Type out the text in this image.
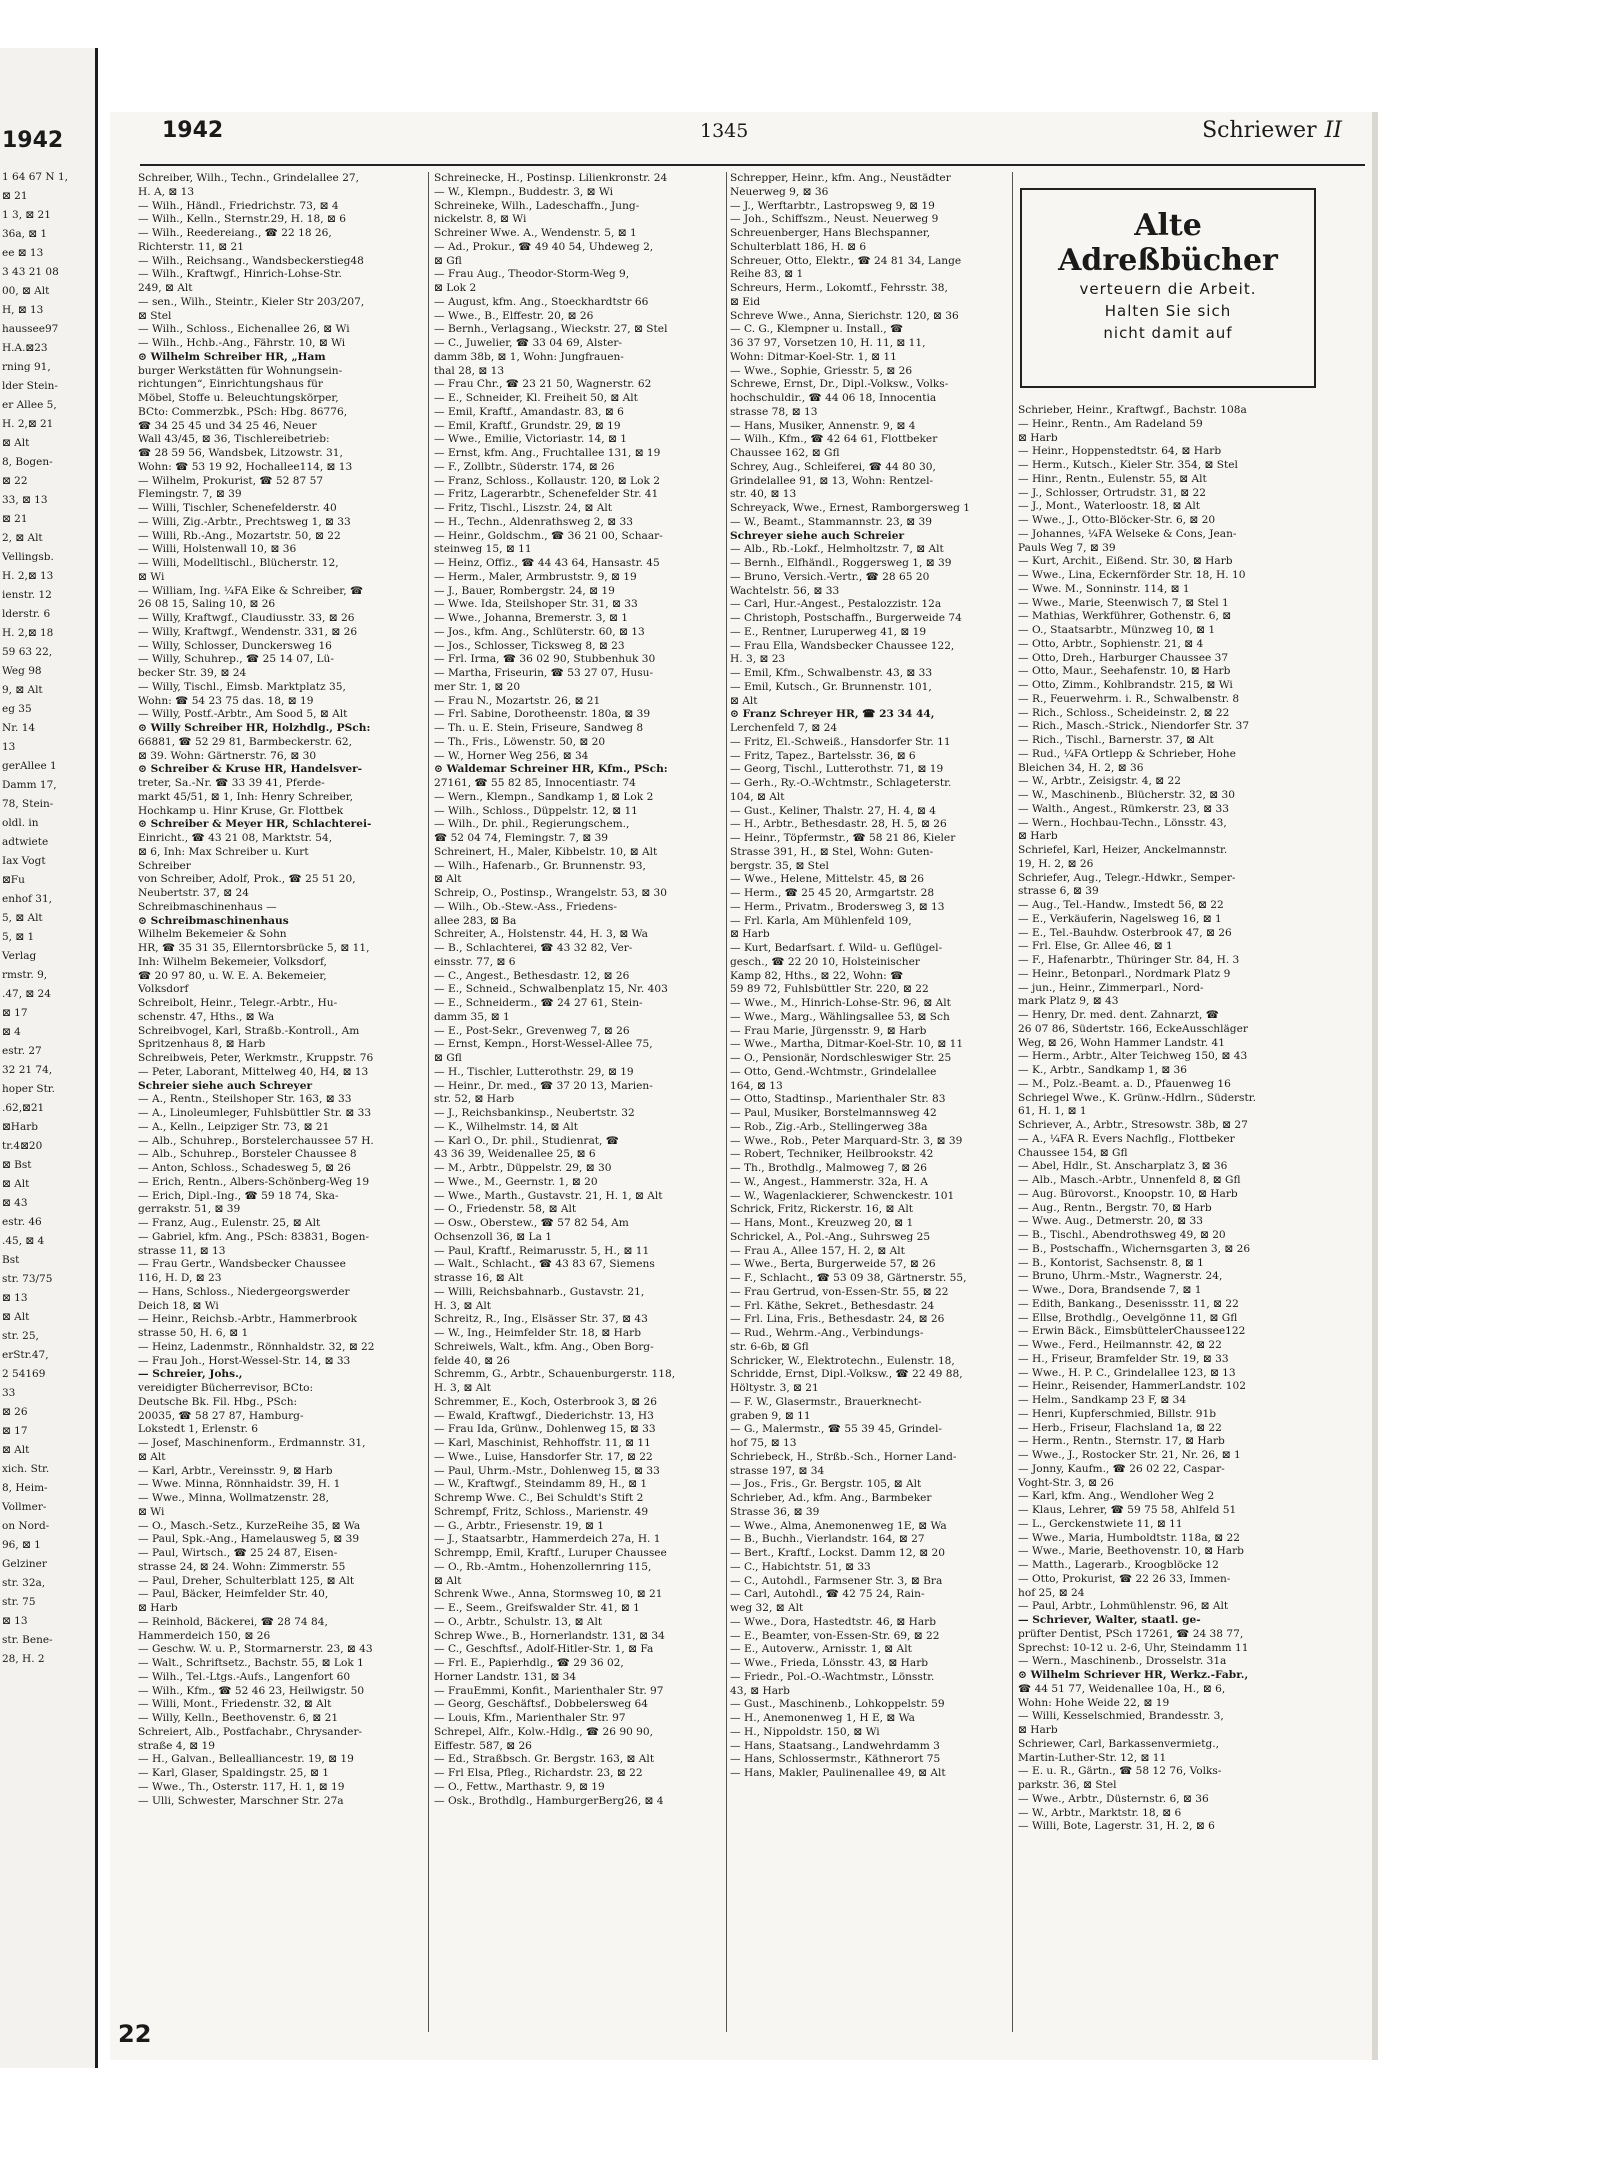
1942
1 64 67 N 1,
⊠ 21
1 3, ⊠ 21
36a, ⊠ 1
ee ⊠ 13
3 43 21 08
00, ⊠ Alt
H, ⊠ 13
haussee97
H.A.⊠23
rning 91,
lder Stein-
er Allee 5,
H. 2,⊠ 21
⊠ Alt
8, Bogen-
⊠ 22
33, ⊠ 13
⊠ 21
2, ⊠ Alt
Vellingsb.
H. 2,⊠ 13
ienstr. 12
lderstr. 6
H. 2,⊠ 18
59 63 22,
Weg 98
9, ⊠ Alt
eg 35
Nr. 14
13
gerAllee 1
Damm 17,
78, Stein-
oldl. in
adtwiete
Iax Vogt
⊠Fu
enhof 31,
5, ⊠ Alt
5, ⊠ 1
Verlag
rmstr. 9,
.47, ⊠ 24
⊠ 17
⊠ 4
estr. 27
32 21 74,
hoper Str.
.62,⊠21
⊠Harb
tr.4⊠20
⊠ Bst
⊠ Alt
⊠ 43
estr. 46
.45, ⊠ 4
Bst
str. 73/75
⊠ 13
⊠ Alt
str. 25,
erStr.47,
2 54169
33
⊠ 26
⊠ 17
⊠ Alt
xich. Str.
8, Heim-
Vollmer-
on Nord-
96, ⊠ 1
Gelziner
str. 32a,
str. 75
⊠ 13
str. Bene-
28, H. 2
1942	1345	Schriewer II
Schreiber, Wilh., Techn., Grindelallee 27,
H. A, ⊠ 13
— Wilh., Händl., Friedrichstr. 73, ⊠ 4
— Wilh., Kelln., Sternstr.29, H. 18, ⊠ 6
— Wilh., Reedereiang., ☎ 22 18 26,
Richterstr. 11, ⊠ 21
— Wilh., Reichsang., Wandsbeckerstieg48
— Wilh., Kraftwgf., Hinrich-Lohse-Str.
249, ⊠ Alt
— sen., Wilh., Steintr., Kieler Str 203/207,
⊠ Stel
— Wilh., Schloss., Eichenallee 26, ⊠ Wi
— Wilh., Hchb.-Ang., Fährstr. 10, ⊠ Wi
⊙ Wilhelm Schreiber HR, „Ham
burger Werkstätten für Wohnungsein-
richtungen“, Einrichtungshaus für
Möbel, Stoffe u. Beleuchtungskörper,
BCto: Commerzbk., PSch: Hbg. 86776,
☎ 34 25 45 und 34 25 46, Neuer
Wall 43/45, ⊠ 36, Tischlereibetrieb:
☎ 28 59 56, Wandsbek, Litzowstr. 31,
Wohn: ☎ 53 19 92, Hochallee114, ⊠ 13
— Wilhelm, Prokurist, ☎ 52 87 57
Flemingstr. 7, ⊠ 39
— Willi, Tischler, Schenefelderstr. 40
— Willi, Zig.-Arbtr., Prechtsweg 1, ⊠ 33
— Willi, Rb.-Ang., Mozartstr. 50, ⊠ 22
— Willi, Holstenwall 10, ⊠ 36
— Willi, Modelltischl., Blücherstr. 12,
⊠ Wi
— William, Ing. ¼FA Eike & Schreiber, ☎
26 08 15, Saling 10, ⊠ 26
— Willy, Kraftwgf., Claudiusstr. 33, ⊠ 26
— Willy, Kraftwgf., Wendenstr. 331, ⊠ 26
— Willy, Schlosser, Dunckersweg 16
— Willy, Schuhrep., ☎ 25 14 07, Lü-
becker Str. 39, ⊠ 24
— Willy, Tischl., Eimsb. Marktplatz 35,
Wohn: ☎ 54 23 75 das. 18, ⊠ 19
— Willy, Postf.-Arbtr., Am Sood 5, ⊠ Alt
⊙ Willy Schreiber HR, Holzhdlg., PSch:
66881, ☎ 52 29 81, Barmbeckerstr. 62,
⊠ 39. Wohn: Gärtnerstr. 76, ⊠ 30
⊙ Schreiber & Kruse HR, Handelsver-
treter, Sa.-Nr. ☎ 33 39 41, Pferde-
markt 45/51, ⊠ 1, Inh: Henry Schreiber,
Hochkamp u. Hinr Kruse, Gr. Flottbek
⊙ Schreiber & Meyer HR, Schlachterei-
Einricht., ☎ 43 21 08, Marktstr. 54,
⊠ 6, Inh: Max Schreiber u. Kurt
Schreiber
von Schreiber, Adolf, Prok., ☎ 25 51 20,
Neubertstr. 37, ⊠ 24
Schreibmaschinenhaus —
⊙ Schreibmaschinenhaus
Wilhelm Bekemeier & Sohn
HR, ☎ 35 31 35, Ellerntorsbrücke 5, ⊠ 11,
Inh: Wilhelm Bekemeier, Volksdorf,
☎ 20 97 80, u. W. E. A. Bekemeier,
Volksdorf
Schreibolt, Heinr., Telegr.-Arbtr., Hu-
schenstr. 47, Hths., ⊠ Wa
Schreibvogel, Karl, Straßb.-Kontroll., Am
Spritzenhaus 8, ⊠ Harb
Schreibweis, Peter, Werkmstr., Kruppstr. 76
— Peter, Laborant, Mittelweg 40, H4, ⊠ 13
Schreier siehe auch Schreyer
— A., Rentn., Steilshoper Str. 163, ⊠ 33
— A., Linoleumleger, Fuhlsbüttler Str. ⊠ 33
— A., Kelln., Leipziger Str. 73, ⊠ 21
— Alb., Schuhrep., Borstelerchaussee 57 H.
— Alb., Schuhrep., Borsteler Chaussee 8
— Anton, Schloss., Schadesweg 5, ⊠ 26
— Erich, Rentn., Albers-Schönberg-Weg 19
— Erich, Dipl.-Ing., ☎ 59 18 74, Ska-
gerrakstr. 51, ⊠ 39
— Franz, Aug., Eulenstr. 25, ⊠ Alt
— Gabriel, kfm. Ang., PSch: 83831, Bogen-
strasse 11, ⊠ 13
— Frau Gertr., Wandsbecker Chaussee
116, H. D, ⊠ 23
— Hans, Schloss., Niedergeorgswerder
Deich 18, ⊠ Wi
— Heinr., Reichsb.-Arbtr., Hammerbrook
strasse 50, H. 6, ⊠ 1
— Heinz, Ladenmstr., Rönnhaldstr. 32, ⊠ 22
— Frau Joh., Horst-Wessel-Str. 14, ⊠ 33
— Schreier, Johs.,
vereidigter Bücherrevisor, BCto:
Deutsche Bk. Fil. Hbg., PSch:
20035, ☎ 58 27 87, Hamburg-
Lokstedt 1, Erlenstr. 6
— Josef, Maschinenform., Erdmannstr. 31,
⊠ Alt
— Karl, Arbtr., Vereinsstr. 9, ⊠ Harb
— Wwe. Minna, Rönnhaidstr. 39, H. 1
— Wwe., Minna, Wollmatzenstr. 28,
⊠ Wi
— O., Masch.-Setz., KurzeReihe 35, ⊠ Wa
— Paul, Spk.-Ang., Hamelausweg 5, ⊠ 39
— Paul, Wirtsch., ☎ 25 24 87, Eisen-
strasse 24, ⊠ 24. Wohn: Zimmerstr. 55
— Paul, Dreher, Schulterblatt 125, ⊠ Alt
— Paul, Bäcker, Heimfelder Str. 40,
⊠ Harb
— Reinhold, Bäckerei, ☎ 28 74 84,
Hammerdeich 150, ⊠ 26
— Geschw. W. u. P., Stormarnerstr. 23, ⊠ 43
— Walt., Schriftsetz., Bachstr. 55, ⊠ Lok 1
— Wilh., Tel.-Ltgs.-Aufs., Langenfort 60
— Wilh., Kfm., ☎ 52 46 23, Heilwigstr. 50
— Willi, Mont., Friedenstr. 32, ⊠ Alt
— Willy, Kelln., Beethovenstr. 6, ⊠ 21
Schreiert, Alb., Postfachabr., Chrysander-
straße 4, ⊠ 19
— H., Galvan., Bellealliancestr. 19, ⊠ 19
— Karl, Glaser, Spaldingstr. 25, ⊠ 1
— Wwe., Th., Osterstr. 117, H. 1, ⊠ 19
— Ulli, Schwester, Marschner Str. 27a
Schreinecke, H., Postinsp. Lilienkronstr. 24
— W., Klempn., Buddestr. 3, ⊠ Wi
Schreineke, Wilh., Ladeschaffn., Jung-
nickelstr. 8, ⊠ Wi
Schreiner Wwe. A., Wendenstr. 5, ⊠ 1
— Ad., Prokur., ☎ 49 40 54, Uhdeweg 2,
⊠ Gfl
— Frau Aug., Theodor-Storm-Weg 9,
⊠ Lok 2
— August, kfm. Ang., Stoeckhardtstr 66
— Wwe., B., Elffestr. 20, ⊠ 26
— Bernh., Verlagsang., Wieckstr. 27, ⊠ Stel
— C., Juwelier, ☎ 33 04 69, Alster-
damm 38b, ⊠ 1, Wohn: Jungfrauen-
thal 28, ⊠ 13
— Frau Chr., ☎ 23 21 50, Wagnerstr. 62
— E., Schneider, Kl. Freiheit 50, ⊠ Alt
— Emil, Kraftf., Amandastr. 83, ⊠ 6
— Emil, Kraftf., Grundstr. 29, ⊠ 19
— Wwe., Emilie, Victoriastr. 14, ⊠ 1
— Ernst, kfm. Ang., Fruchtallee 131, ⊠ 19
— F., Zollbtr., Süderstr. 174, ⊠ 26
— Franz, Schloss., Kollaustr. 120, ⊠ Lok 2
— Fritz, Lagerarbtr., Schenefelder Str. 41
— Fritz, Tischl., Liszstr. 24, ⊠ Alt
— H., Techn., Aldenrathsweg 2, ⊠ 33
— Heinr., Goldschm., ☎ 36 21 00, Schaar-
steinweg 15, ⊠ 11
— Heinz, Offiz., ☎ 44 43 64, Hansastr. 45
— Herm., Maler, Armbruststr. 9, ⊠ 19
— J., Bauer, Rombergstr. 24, ⊠ 19
— Wwe. Ida, Steilshoper Str. 31, ⊠ 33
— Wwe., Johanna, Bremerstr. 3, ⊠ 1
— Jos., kfm. Ang., Schlüterstr. 60, ⊠ 13
— Jos., Schlosser, Ticksweg 8, ⊠ 23
— Frl. Irma, ☎ 36 02 90, Stubbenhuk 30
— Martha, Friseurin, ☎ 53 27 07, Husu-
mer Str. 1, ⊠ 20
— Frau N., Mozartstr. 26, ⊠ 21
— Frl. Sabine, Dorotheenstr. 180a, ⊠ 39
— Th. u. E. Stein, Friseure, Sandweg 8
— Th., Fris., Löwenstr. 50, ⊠ 20
— W., Horner Weg 256, ⊠ 34
⊙ Waldemar Schreiner HR, Kfm., PSch:
27161, ☎ 55 82 85, Innocentiastr. 74
— Wern., Klempn., Sandkamp 1, ⊠ Lok 2
— Wilh., Schloss., Düppelstr. 12, ⊠ 11
— Wilh., Dr. phil., Regierungschem.,
☎ 52 04 74, Flemingstr. 7, ⊠ 39
Schreinert, H., Maler, Kibbelstr. 10, ⊠ Alt
— Wilh., Hafenarb., Gr. Brunnenstr. 93,
⊠ Alt
Schreip, O., Postinsp., Wrangelstr. 53, ⊠ 30
— Wilh., Ob.-Stew.-Ass., Friedens-
allee 283, ⊠ Ba
Schreiter, A., Holstenstr. 44, H. 3, ⊠ Wa
— B., Schlachterei, ☎ 43 32 82, Ver-
einsstr. 77, ⊠ 6
— C., Angest., Bethesdastr. 12, ⊠ 26
— E., Schneid., Schwalbenplatz 15, Nr. 403
— E., Schneiderm., ☎ 24 27 61, Stein-
damm 35, ⊠ 1
— E., Post-Sekr., Grevenweg 7, ⊠ 26
— Ernst, Kempn., Horst-Wessel-Allee 75,
⊠ Gfl
— H., Tischler, Lutterothstr. 29, ⊠ 19
— Heinr., Dr. med., ☎ 37 20 13, Marien-
str. 52, ⊠ Harb
— J., Reichsbankinsp., Neubertstr. 32
— K., Wilhelmstr. 14, ⊠ Alt
— Karl O., Dr. phil., Studienrat, ☎
43 36 39, Weidenallee 25, ⊠ 6
— M., Arbtr., Düppelstr. 29, ⊠ 30
— Wwe., M., Geernstr. 1, ⊠ 20
— Wwe., Marth., Gustavstr. 21, H. 1, ⊠ Alt
— O., Friedenstr. 58, ⊠ Alt
— Osw., Oberstew., ☎ 57 82 54, Am
Ochsenzoll 36, ⊠ La 1
— Paul, Kraftf., Reimarusstr. 5, H., ⊠ 11
— Walt., Schlacht., ☎ 43 83 67, Siemens
strasse 16, ⊠ Alt
— Willi, Reichsbahnarb., Gustavstr. 21,
H. 3, ⊠ Alt
Schreitz, R., Ing., Elsässer Str. 37, ⊠ 43
— W., Ing., Heimfelder Str. 18, ⊠ Harb
Schreiwels, Walt., kfm. Ang., Oben Borg-
felde 40, ⊠ 26
Schremm, G., Arbtr., Schauenburgerstr. 118,
H. 3, ⊠ Alt
Schremmer, E., Koch, Osterbrook 3, ⊠ 26
— Ewald, Kraftwgf., Diederichstr. 13, H3
— Frau Ida, Grünw., Dohlenweg 15, ⊠ 33
— Karl, Maschinist, Rehhoffstr. 11, ⊠ 11
— Wwe., Luise, Hansdorfer Str. 17, ⊠ 22
— Paul, Uhrm.-Mstr., Dohlenweg 15, ⊠ 33
— W., Kraftwgf., Steindamm 89, H., ⊠ 1
Schremp Wwe. C., Bei Schuldt's Stift 2
Schrempf, Fritz, Schloss., Marienstr. 49
— G., Arbtr., Friesenstr. 19, ⊠ 1
— J., Staatsarbtr., Hammerdeich 27a, H. 1
Schrempp, Emil, Kraftf., Luruper Chaussee
— O., Rb.-Amtm., Hohenzollernring 115,
⊠ Alt
Schrenk Wwe., Anna, Stormsweg 10, ⊠ 21
— E., Seem., Greifswalder Str. 41, ⊠ 1
— O., Arbtr., Schulstr. 13, ⊠ Alt
Schrep Wwe., B., Hornerlandstr. 131, ⊠ 34
— C., Geschftsf., Adolf-Hitler-Str. 1, ⊠ Fa
— Frl. E., Papierhdlg., ☎ 29 36 02,
Horner Landstr. 131, ⊠ 34
— FrauEmmi, Konfit., Marienthaler Str. 97
— Georg, Geschäftsf., Dobbelersweg 64
— Louis, Kfm., Marienthaler Str. 97
Schrepel, Alfr., Kolw.-Hdlg., ☎ 26 90 90,
Eiffestr. 587, ⊠ 26
— Ed., Straßbsch. Gr. Bergstr. 163, ⊠ Alt
— Frl Elsa, Pfleg., Richardstr. 23, ⊠ 22
— O., Fettw., Marthastr. 9, ⊠ 19
— Osk., Brothdlg., HamburgerBerg26, ⊠ 4
Schrepper, Heinr., kfm. Ang., Neustädter
Neuerweg 9, ⊠ 36
— J., Werftarbtr., Lastropsweg 9, ⊠ 19
— Joh., Schiffszm., Neust. Neuerweg 9
Schreuenberger, Hans Blechspanner,
Schulterblatt 186, H. ⊠ 6
Schreuer, Otto, Elektr., ☎ 24 81 34, Lange
Reihe 83, ⊠ 1
Schreurs, Herm., Lokomtf., Fehrsstr. 38,
⊠ Eid
Schreve Wwe., Anna, Sierichstr. 120, ⊠ 36
— C. G., Klempner u. Install., ☎
36 37 97, Vorsetzen 10, H. 11, ⊠ 11,
Wohn: Ditmar-Koel-Str. 1, ⊠ 11
— Wwe., Sophie, Griesstr. 5, ⊠ 26
Schrewe, Ernst, Dr., Dipl.-Volksw., Volks-
hochschuldir., ☎ 44 06 18, Innocentia
strasse 78, ⊠ 13
— Hans, Musiker, Annenstr. 9, ⊠ 4
— Wilh., Kfm., ☎ 42 64 61, Flottbeker
Chaussee 162, ⊠ Gfl
Schrey, Aug., Schleiferei, ☎ 44 80 30,
Grindelallee 91, ⊠ 13, Wohn: Rentzel-
str. 40, ⊠ 13
Schreyack, Wwe., Ernest, Ramborgersweg 1
— W., Beamt., Stammannstr. 23, ⊠ 39
Schreyer siehe auch Schreier
— Alb., Rb.-Lokf., Helmholtzstr. 7, ⊠ Alt
— Bernh., Elfhändl., Roggersweg 1, ⊠ 39
— Bruno, Versich.-Vertr., ☎ 28 65 20
Wachtelstr. 56, ⊠ 33
— Carl, Hur.-Angest., Pestalozzistr. 12a
— Christoph, Postschaffn., Burgerweide 74
— E., Rentner, Luruperweg 41, ⊠ 19
— Frau Ella, Wandsbecker Chaussee 122,
H. 3, ⊠ 23
— Emil, Kfm., Schwalbenstr. 43, ⊠ 33
— Emil, Kutsch., Gr. Brunnenstr. 101,
⊠ Alt
⊙ Franz Schreyer HR, ☎ 23 34 44,
Lerchenfeld 7, ⊠ 24
— Fritz, El.-Schweiß., Hansdorfer Str. 11
— Fritz, Tapez., Bartelsstr. 36, ⊠ 6
— Georg, Tischl., Lutterothstr. 71, ⊠ 19
— Gerh., Ry.-O.-Wchtmstr., Schlageterstr.
104, ⊠ Alt
— Gust., Keliner, Thalstr. 27, H. 4, ⊠ 4
— H., Arbtr., Bethesdastr. 28, H. 5, ⊠ 26
— Heinr., Töpfermstr., ☎ 58 21 86, Kieler
Strasse 391, H., ⊠ Stel, Wohn: Guten-
bergstr. 35, ⊠ Stel
— Wwe., Helene, Mittelstr. 45, ⊠ 26
— Herm., ☎ 25 45 20, Armgartstr. 28
— Herm., Privatm., Brodersweg 3, ⊠ 13
— Frl. Karla, Am Mühlenfeld 109,
⊠ Harb
— Kurt, Bedarfsart. f. Wild- u. Geflügel-
gesch., ☎ 22 20 10, Holsteinischer
Kamp 82, Hths., ⊠ 22, Wohn: ☎
59 89 72, Fuhlsbüttler Str. 220, ⊠ 22
— Wwe., M., Hinrich-Lohse-Str. 96, ⊠ Alt
— Wwe., Marg., Wählingsallee 53, ⊠ Sch
— Frau Marie, Jürgensstr. 9, ⊠ Harb
— Wwe., Martha, Ditmar-Koel-Str. 10, ⊠ 11
— O., Pensionär, Nordschleswiger Str. 25
— Otto, Gend.-Wchtmstr., Grindelallee
164, ⊠ 13
— Otto, Stadtinsp., Marienthaler Str. 83
— Paul, Musiker, Borstelmannsweg 42
— Rob., Zig.-Arb., Stellingerweg 38a
— Wwe., Rob., Peter Marquard-Str. 3, ⊠ 39
— Robert, Techniker, Heilbrookstr. 42
— Th., Brothdlg., Malmoweg 7, ⊠ 26
— W., Angest., Hammerstr. 32a, H. A
— W., Wagenlackierer, Schwenckestr. 101
Schrick, Fritz, Rickerstr. 16, ⊠ Alt
— Hans, Mont., Kreuzweg 20, ⊠ 1
Schrickel, A., Pol.-Ang., Suhrsweg 25
— Frau A., Allee 157, H. 2, ⊠ Alt
— Wwe., Berta, Burgerweide 57, ⊠ 26
— F., Schlacht., ☎ 53 09 38, Gärtnerstr. 55,
— Frau Gertrud, von-Essen-Str. 55, ⊠ 22
— Frl. Käthe, Sekret., Bethesdastr. 24
— Frl. Lina, Fris., Bethesdastr. 24, ⊠ 26
— Rud., Wehrm.-Ang., Verbindungs-
str. 6-6b, ⊠ Gfl
Schricker, W., Elektrotechn., Eulenstr. 18,
Schridde, Ernst, Dipl.-Volksw., ☎ 22 49 88,
Höltystr. 3, ⊠ 21
— F. W., Glasermstr., Brauerknecht-
graben 9, ⊠ 11
— G., Malermstr., ☎ 55 39 45, Grindel-
hof 75, ⊠ 13
Schriebeck, H., Strßb.-Sch., Horner Land-
strasse 197, ⊠ 34
— Jos., Fris., Gr. Bergstr. 105, ⊠ Alt
Schrieber, Ad., kfm. Ang., Barmbeker
Strasse 36, ⊠ 39
— Wwe., Alma, Anemonenweg 1E, ⊠ Wa
— B., Buchh., Vierlandstr. 164, ⊠ 27
— Bert., Kraftf., Lockst. Damm 12, ⊠ 20
— C., Habichtstr. 51, ⊠ 33
— C., Autohdl., Farmsener Str. 3, ⊠ Bra
— Carl, Autohdl., ☎ 42 75 24, Rain-
weg 32, ⊠ Alt
— Wwe., Dora, Hastedtstr. 46, ⊠ Harb
— E., Beamter, von-Essen-Str. 69, ⊠ 22
— E., Autoverw., Arnisstr. 1, ⊠ Alt
— Wwe., Frieda, Lönsstr. 43, ⊠ Harb
— Friedr., Pol.-O.-Wachtmstr., Lönsstr.
43, ⊠ Harb
— Gust., Maschinenb., Lohkoppelstr. 59
— H., Anemonenweg 1, H E, ⊠ Wa
— H., Nippoldstr. 150, ⊠ Wi
— Hans, Staatsang., Landwehrdamm 3
— Hans, Schlossermstr., Käthnerort 75
— Hans, Makler, Paulinenallee 49, ⊠ Alt
Alte
Adreßbücher
verteuern die Arbeit.
Halten Sie sich
nicht damit auf
Schrieber, Heinr., Kraftwgf., Bachstr. 108a
— Heinr., Rentn., Am Radeland 59
⊠ Harb
— Heinr., Hoppenstedtstr. 64, ⊠ Harb
— Herm., Kutsch., Kieler Str. 354, ⊠ Stel
— Hinr., Rentn., Eulenstr. 55, ⊠ Alt
— J., Schlosser, Ortrudstr. 31, ⊠ 22
— J., Mont., Waterloostr. 18, ⊠ Alt
— Wwe., J., Otto-Blöcker-Str. 6, ⊠ 20
— Johannes, ¼FA Welseke & Cons, Jean-
Pauls Weg 7, ⊠ 39
— Kurt, Archit., Eißend. Str. 30, ⊠ Harb
— Wwe., Lina, Eckernförder Str. 18, H. 10
— Wwe. M., Sonninstr. 114, ⊠ 1
— Wwe., Marie, Steenwisch 7, ⊠ Stel 1
— Mathias, Werkführer, Gothenstr. 6, ⊠
— O., Staatsarbtr., Münzweg 10, ⊠ 1
— Otto, Arbtr., Sophienstr. 21, ⊠ 4
— Otto, Dreh., Harburger Chaussee 37
— Otto, Maur., Seehafenstr. 10, ⊠ Harb
— Otto, Zimm., Kohlbrandstr. 215, ⊠ Wi
— R., Feuerwehrm. i. R., Schwalbenstr. 8
— Rich., Schloss., Scheideinstr. 2, ⊠ 22
— Rich., Masch.-Strick., Niendorfer Str. 37
— Rich., Tischl., Barnerstr. 37, ⊠ Alt
— Rud., ¼FA Ortlepp & Schrieber, Hohe
Bleichen 34, H. 2, ⊠ 36
— W., Arbtr., Zeisigstr. 4, ⊠ 22
— W., Maschinenb., Blücherstr. 32, ⊠ 30
— Walth., Angest., Rümkerstr. 23, ⊠ 33
— Wern., Hochbau-Techn., Lönsstr. 43,
⊠ Harb
Schriefel, Karl, Heizer, Anckelmannstr.
19, H. 2, ⊠ 26
Schriefer, Aug., Telegr.-Hdwkr., Semper-
strasse 6, ⊠ 39
— Aug., Tel.-Handw., Imstedt 56, ⊠ 22
— E., Verkäuferin, Nagelsweg 16, ⊠ 1
— E., Tel.-Bauhdw. Osterbrook 47, ⊠ 26
— Frl. Else, Gr. Allee 46, ⊠ 1
— F., Hafenarbtr., Thüringer Str. 84, H. 3
— Heinr., Betonparl., Nordmark Platz 9
— jun., Heinr., Zimmerparl., Nord-
mark Platz 9, ⊠ 43
— Henry, Dr. med. dent. Zahnarzt, ☎
26 07 86, Südertstr. 166, EckeAusschläger
Weg, ⊠ 26, Wohn Hammer Landstr. 41
— Herm., Arbtr., Alter Teichweg 150, ⊠ 43
— K., Arbtr., Sandkamp 1, ⊠ 36
— M., Polz.-Beamt. a. D., Pfauenweg 16
Schriegel Wwe., K. Grünw.-Hdlrn., Süderstr.
61, H. 1, ⊠ 1
Schriever, A., Arbtr., Stresowstr. 38b, ⊠ 27
— A., ¼FA R. Evers Nachflg., Flottbeker
Chaussee 154, ⊠ Gfl
— Abel, Hdlr., St. Anscharplatz 3, ⊠ 36
— Alb., Masch.-Arbtr., Unnenfeld 8, ⊠ Gfl
— Aug. Bürovorst., Knoopstr. 10, ⊠ Harb
— Aug., Rentn., Bergstr. 70, ⊠ Harb
— Wwe. Aug., Detmerstr. 20, ⊠ 33
— B., Tischl., Abendrothsweg 49, ⊠ 20
— B., Postschaffn., Wichernsgarten 3, ⊠ 26
— B., Kontorist, Sachsenstr. 8, ⊠ 1
— Bruno, Uhrm.-Mstr., Wagnerstr. 24,
— Wwe., Dora, Brandsende 7, ⊠ 1
— Edith, Bankang., Desenissstr. 11, ⊠ 22
— Ellse, Brothdlg., Oevelgönne 11, ⊠ Gfl
— Erwin Bäck., EimsbüttelerChaussee122
— Wwe., Ferd., Heilmannstr. 42, ⊠ 22
— H., Friseur, Bramfelder Str. 19, ⊠ 33
— Wwe., H. P. C., Grindelallee 123, ⊠ 13
— Heinr., Reisender, HammerLandstr. 102
— Helm., Sandkamp 23 F, ⊠ 34
— Henri, Kupferschmied, Billstr. 91b
— Herb., Friseur, Flachsland 1a, ⊠ 22
— Herm., Rentn., Sternstr. 17, ⊠ Harb
— Wwe., J., Rostocker Str. 21, Nr. 26, ⊠ 1
— Jonny, Kaufm., ☎ 26 02 22, Caspar-
Voght-Str. 3, ⊠ 26
— Karl, kfm. Ang., Wendloher Weg 2
— Klaus, Lehrer, ☎ 59 75 58, Ahlfeld 51
— L., Gerckenstwiete 11, ⊠ 11
— Wwe., Maria, Humboldtstr. 118a, ⊠ 22
— Wwe., Marie, Beethovenstr. 10, ⊠ Harb
— Matth., Lagerarb., Kroogblöcke 12
— Otto, Prokurist, ☎ 22 26 33, Immen-
hof 25, ⊠ 24
— Paul, Arbtr., Lohmühlenstr. 96, ⊠ Alt
— Schriever, Walter, staatl. ge-
prüfter Dentist, PSch 17261, ☎ 24 38 77,
Sprechst: 10-12 u. 2-6, Uhr, Steindamm 11
— Wern., Maschinenb., Drosselstr. 31a
⊙ Wilhelm Schriever HR, Werkz.-Fabr.,
☎ 44 51 77, Weidenallee 10a, H., ⊠ 6,
Wohn: Hohe Weide 22, ⊠ 19
— Willi, Kesselschmied, Brandesstr. 3,
⊠ Harb
Schriewer, Carl, Barkassenvermietg.,
Martin-Luther-Str. 12, ⊠ 11
— E. u. R., Gärtn., ☎ 58 12 76, Volks-
parkstr. 36, ⊠ Stel
— Wwe., Arbtr., Düsternstr. 6, ⊠ 36
— W., Arbtr., Marktstr. 18, ⊠ 6
— Willi, Bote, Lagerstr. 31, H. 2, ⊠ 6
22
